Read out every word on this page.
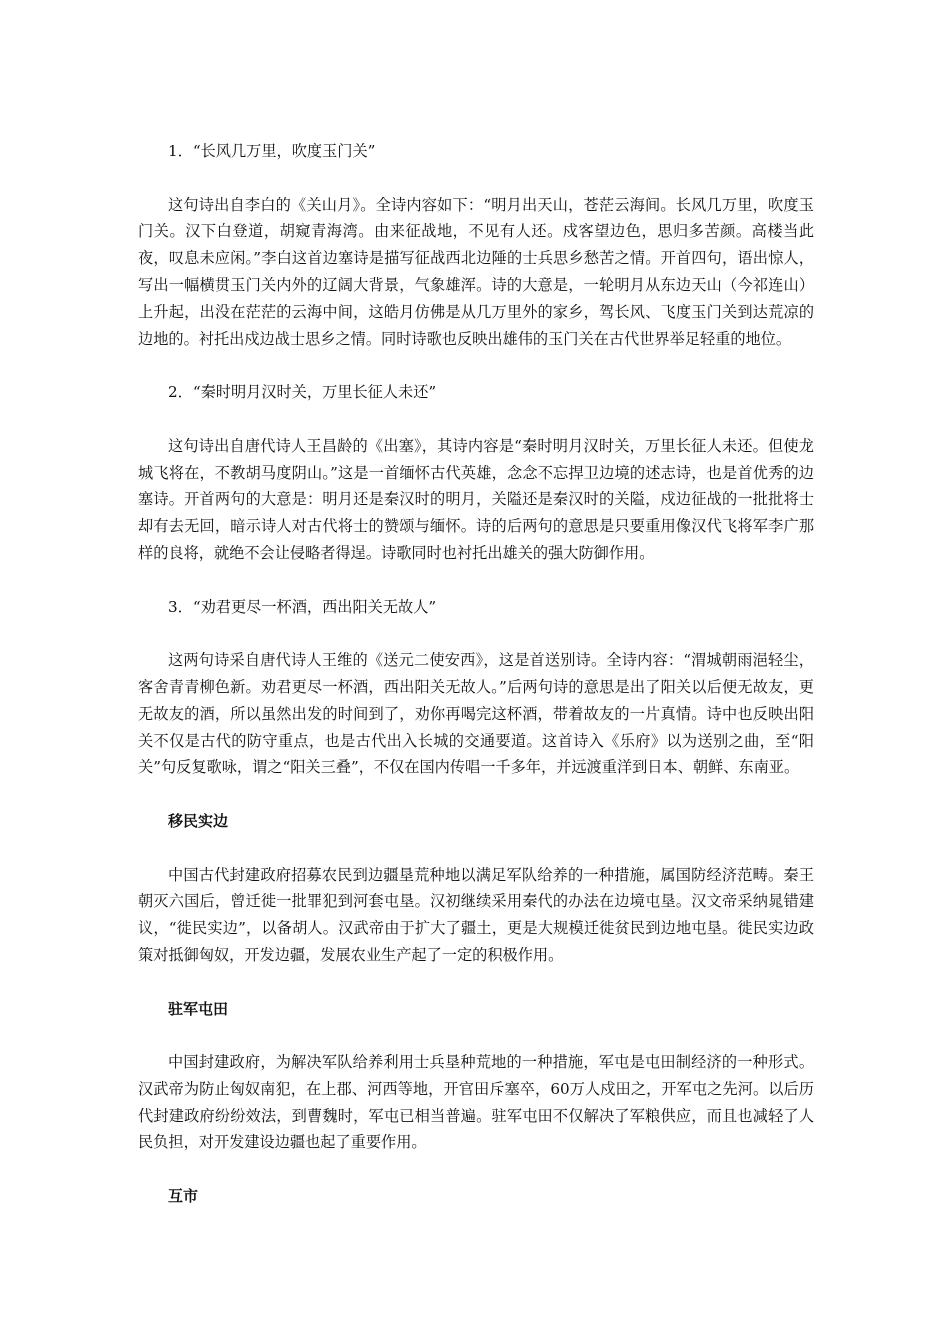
1．“长风几万里，吹度玉门关”

这句诗出自李白的《关山月》。全诗内容如下：“明月出天山，苍茫云海间。长风几万里，吹度玉门关。汉下白登道，胡窥青海湾。由来征战地，不见有人还。戍客望边色，思归多苦颜。高楼当此夜，叹息未应闲。”李白这首边塞诗是描写征战西北边陲的士兵思乡愁苦之情。开首四句，语出惊人，写出一幅横贯玉门关内外的辽阔大背景，气象雄浑。诗的大意是，一轮明月从东边天山（今祁连山）上升起，出没在茫茫的云海中间，这皓月仿佛是从几万里外的家乡，驾长风、飞度玉门关到达荒凉的边地的。衬托出戍边战士思乡之情。同时诗歌也反映出雄伟的玉门关在古代世界举足轻重的地位。

2．“秦时明月汉时关，万里长征人未还”

这句诗出自唐代诗人王昌龄的《出塞》，其诗内容是“秦时明月汉时关，万里长征人未还。但使龙城飞将在，不教胡马度阴山。”这是一首缅怀古代英雄，念念不忘捍卫边境的述志诗，也是首优秀的边塞诗。开首两句的大意是：明月还是秦汉时的明月，关隘还是秦汉时的关隘，戍边征战的一批批将士却有去无回，暗示诗人对古代将士的赞颂与缅怀。诗的后两句的意思是只要重用像汉代飞将军李广那样的良将，就绝不会让侵略者得逞。诗歌同时也衬托出雄关的强大防御作用。

3．“劝君更尽一杯酒，西出阳关无故人”

这两句诗采自唐代诗人王维的《送元二使安西》，这是首送别诗。全诗内容：“渭城朝雨浥轻尘，客舍青青柳色新。劝君更尽一杯酒，西出阳关无故人。”后两句诗的意思是出了阳关以后便无故友，更无故友的酒，所以虽然出发的时间到了，劝你再喝完这杯酒，带着故友的一片真情。诗中也反映出阳关不仅是古代的防守重点，也是古代出入长城的交通要道。这首诗入《乐府》以为送别之曲，至“阳关”句反复歌咏，谓之“阳关三叠”，不仅在国内传唱一千多年，并远渡重洋到日本、朝鲜、东南亚。

移民实边

中国古代封建政府招募农民到边疆垦荒种地以满足军队给养的一种措施，属国防经济范畴。秦王朝灭六国后，曾迁徙一批罪犯到河套屯垦。汉初继续采用秦代的办法在边境屯垦。汉文帝采纳晁错建议，“徙民实边”，以备胡人。汉武帝由于扩大了疆土，更是大规模迁徙贫民到边地屯垦。徙民实边政策对抵御匈奴，开发边疆，发展农业生产起了一定的积极作用。

驻军屯田

中国封建政府，为解决军队给养利用士兵垦种荒地的一种措施，军屯是屯田制经济的一种形式。汉武帝为防止匈奴南犯，在上郡、河西等地，开官田斥塞卒，60万人戍田之，开军屯之先河。以后历代封建政府纷纷效法，到曹魏时，军屯已相当普遍。驻军屯田不仅解决了军粮供应，而且也减轻了人民负担，对开发建设边疆也起了重要作用。

互市
